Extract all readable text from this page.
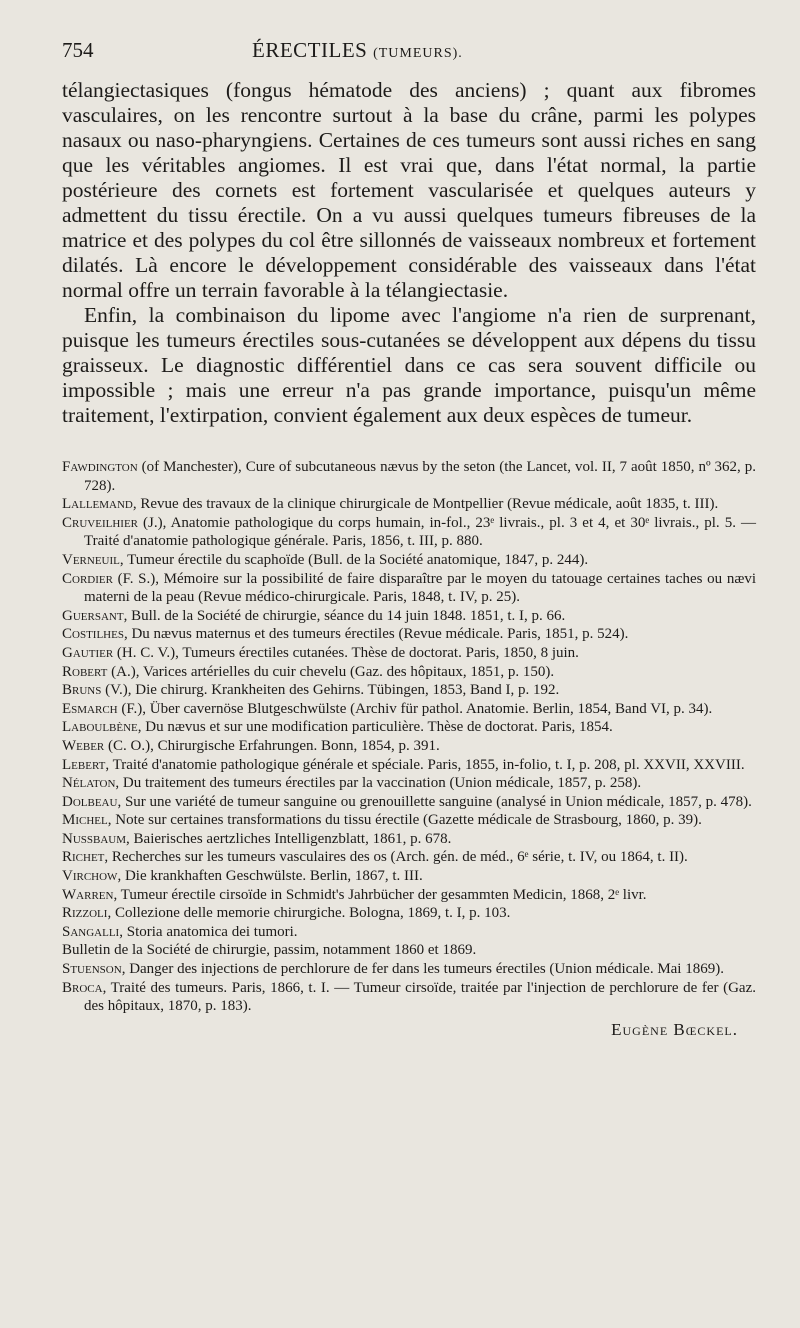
754	ÉRECTILES (TUMEURS).

télangiectasiques (fongus hématode des anciens) ; quant aux fibromes vasculaires, on les rencontre surtout à la base du crâne, parmi les polypes nasaux ou naso-pharyngiens. Certaines de ces tumeurs sont aussi riches en sang que les véritables angiomes. Il est vrai que, dans l'état normal, la partie postérieure des cornets est fortement vascularisée et quelques auteurs y admettent du tissu érectile. On a vu aussi quelques tumeurs fibreuses de la matrice et des polypes du col être sillonnés de vaisseaux nombreux et fortement dilatés. Là encore le développement considérable des vaisseaux dans l'état normal offre un terrain favorable à la télangiectasie.

Enfin, la combinaison du lipome avec l'angiome n'a rien de surprenant, puisque les tumeurs érectiles sous-cutanées se développent aux dépens du tissu graisseux. Le diagnostic différentiel dans ce cas sera souvent difficile ou impossible ; mais une erreur n'a pas grande importance, puisqu'un même traitement, l'extirpation, convient également aux deux espèces de tumeur.

Fawdington (of Manchester), Cure of subcutaneous nævus by the seton (the Lancet, vol. II, 7 août 1850, nº 362, p. 728).

Lallemand, Revue des travaux de la clinique chirurgicale de Montpellier (Revue médicale, août 1835, t. III).

Cruveilhier (J.), Anatomie pathologique du corps humain, in-fol., 23ᵉ livrais., pl. 3 et 4, et 30ᵉ livrais., pl. 5. — Traité d'anatomie pathologique générale. Paris, 1856, t. III, p. 880.

Verneuil, Tumeur érectile du scaphoïde (Bull. de la Société anatomique, 1847, p. 244).

Cordier (F. S.), Mémoire sur la possibilité de faire disparaître par le moyen du tatouage certaines taches ou nævi materni de la peau (Revue médico-chirurgicale. Paris, 1848, t. IV, p. 25).

Guersant, Bull. de la Société de chirurgie, séance du 14 juin 1848. 1851, t. I, p. 66.

Costilhes, Du nævus maternus et des tumeurs érectiles (Revue médicale. Paris, 1851, p. 524).

Gautier (H. C. V.), Tumeurs érectiles cutanées. Thèse de doctorat. Paris, 1850, 8 juin.

Robert (A.), Varices artérielles du cuir chevelu (Gaz. des hôpitaux, 1851, p. 150).

Bruns (V.), Die chirurg. Krankheiten des Gehirns. Tübingen, 1853, Band I, p. 192.

Esmarch (F.), Über cavernöse Blutgeschwülste (Archiv für pathol. Anatomie. Berlin, 1854, Band VI, p. 34).

Laboulbène, Du nævus et sur une modification particulière. Thèse de doctorat. Paris, 1854.

Weber (C. O.), Chirurgische Erfahrungen. Bonn, 1854, p. 391.

Lebert, Traité d'anatomie pathologique générale et spéciale. Paris, 1855, in-folio, t. I, p. 208, pl. XXVII, XXVIII.

Nélaton, Du traitement des tumeurs érectiles par la vaccination (Union médicale, 1857, p. 258).

Dolbeau, Sur une variété de tumeur sanguine ou grenouillette sanguine (analysé in Union médicale, 1857, p. 478).

Michel, Note sur certaines transformations du tissu érectile (Gazette médicale de Strasbourg, 1860, p. 39).

Nussbaum, Baierisches aertzliches Intelligenzblatt, 1861, p. 678.

Richet, Recherches sur les tumeurs vasculaires des os (Arch. gén. de méd., 6ᵉ série, t. IV, ou 1864, t. II).

Virchow, Die krankhaften Geschwülste. Berlin, 1867, t. III.

Warren, Tumeur érectile cirsoïde in Schmidt's Jahrbücher der gesammten Medicin, 1868, 2ᵉ livr.

Rizzoli, Collezione delle memorie chirurgiche. Bologna, 1869, t. I, p. 103.

Sangalli, Storia anatomica dei tumori.

Bulletin de la Société de chirurgie, passim, notamment 1860 et 1869.

Stuenson, Danger des injections de perchlorure de fer dans les tumeurs érectiles (Union médicale. Mai 1869).

Broca, Traité des tumeurs. Paris, 1866, t. I. — Tumeur cirsoïde, traitée par l'injection de perchlorure de fer (Gaz. des hôpitaux, 1870, p. 183).

Eugène Bœckel.
